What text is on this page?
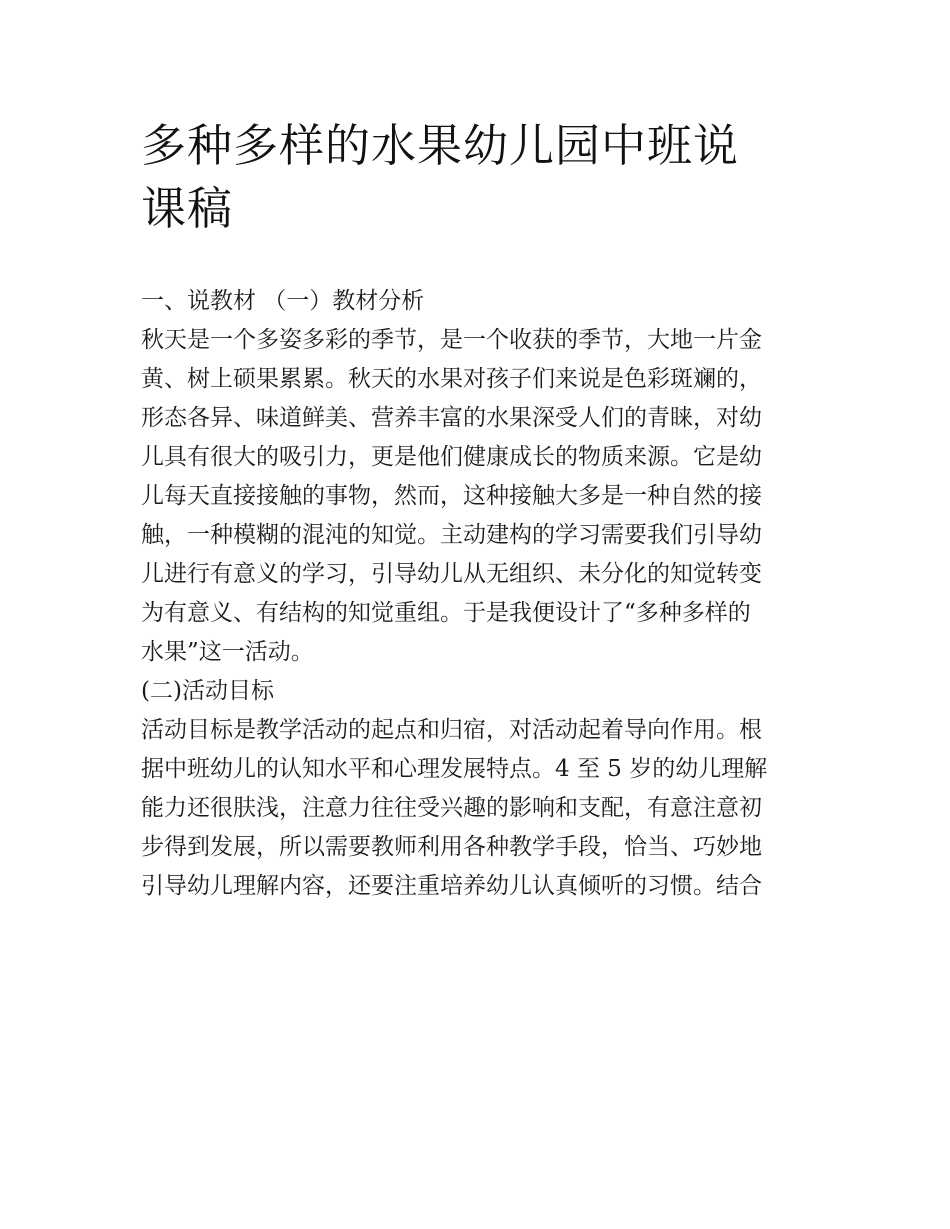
多种多样的水果幼儿园中班说
课稿
一、说教材 （一）教材分析
秋天是一个多姿多彩的季节，是一个收获的季节，大地一片金
黄、树上硕果累累。秋天的水果对孩子们来说是色彩斑斓的，
形态各异、味道鲜美、营养丰富的水果深受人们的青睐，对幼
儿具有很大的吸引力，更是他们健康成长的物质来源。它是幼
儿每天直接接触的事物，然而，这种接触大多是一种自然的接
触，一种模糊的混沌的知觉。主动建构的学习需要我们引导幼
儿进行有意义的学习，引导幼儿从无组织、未分化的知觉转变
为有意义、有结构的知觉重组。于是我便设计了“多种多样的
水果”这一活动。
(二)活动目标
活动目标是教学活动的起点和归宿，对活动起着导向作用。根
据中班幼儿的认知水平和心理发展特点。4 至 5 岁的幼儿理解
能力还很肤浅，注意力往往受兴趣的影响和支配，有意注意初
步得到发展，所以需要教师利用各种教学手段，恰当、巧妙地
引导幼儿理解内容，还要注重培养幼儿认真倾听的习惯。结合
